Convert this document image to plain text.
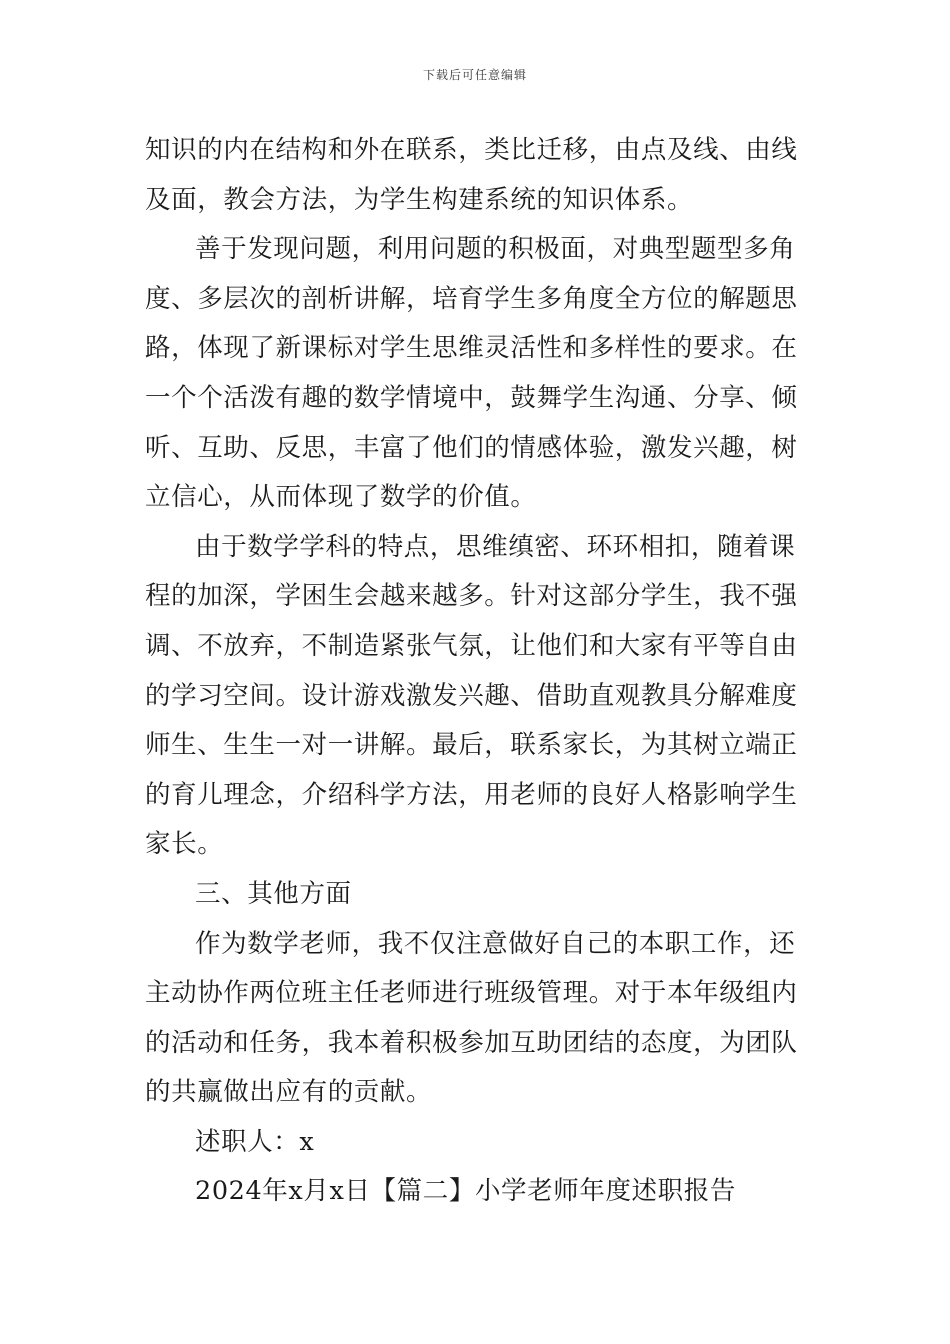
下载后可任意编辑
知识的内在结构和外在联系，类比迁移，由点及线、由线
及面，教会方法，为学生构建系统的知识体系。
善于发现问题，利用问题的积极面，对典型题型多角
度、多层次的剖析讲解，培育学生多角度全方位的解题思
路，体现了新课标对学生思维灵活性和多样性的要求。在
一个个活泼有趣的数学情境中，鼓舞学生沟通、分享、倾
听、互助、反思，丰富了他们的情感体验，激发兴趣，树
立信心，从而体现了数学的价值。
由于数学学科的特点，思维缜密、环环相扣，随着课
程的加深，学困生会越来越多。针对这部分学生，我不强
调、不放弃，不制造紧张气氛，让他们和大家有平等自由
的学习空间。设计游戏激发兴趣、借助直观教具分解难度
师生、生生一对一讲解。最后，联系家长，为其树立端正
的育儿理念，介绍科学方法，用老师的良好人格影响学生
家长。
三、其他方面
作为数学老师，我不仅注意做好自己的本职工作，还
主动协作两位班主任老师进行班级管理。对于本年级组内
的活动和任务，我本着积极参加互助团结的态度，为团队
的共赢做出应有的贡献。
述职人：x
2024年x月x日【篇二】小学老师年度述职报告
